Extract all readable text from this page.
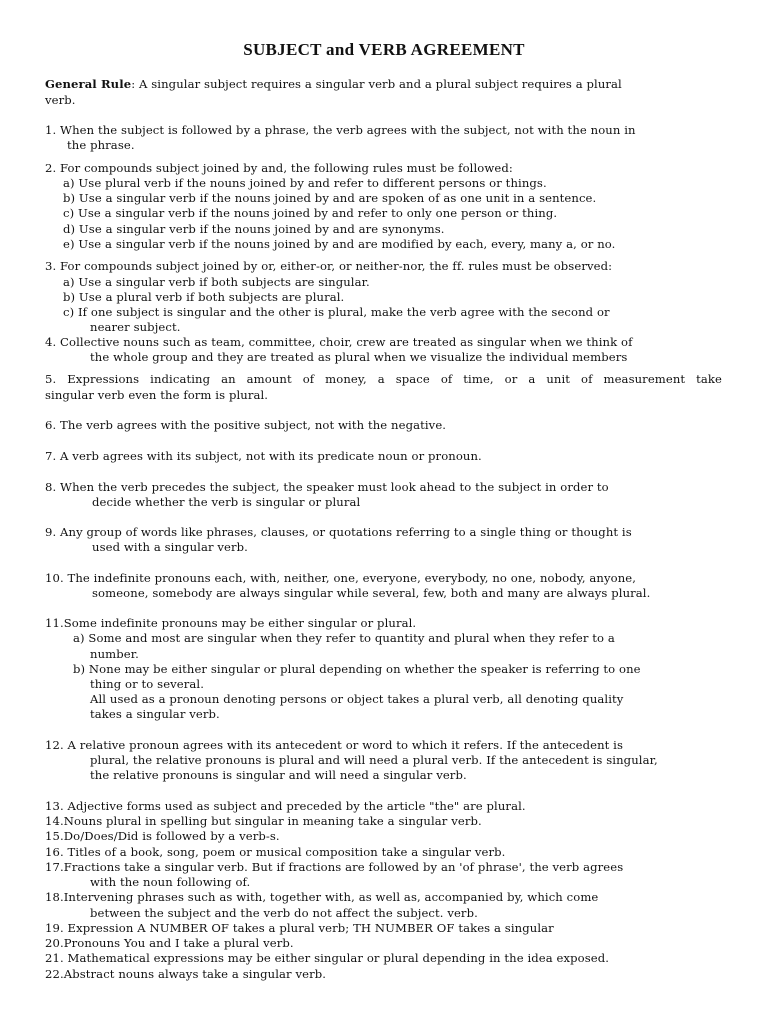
SUBJECT and VERB AGREEMENT
General Rule: A singular subject requires a singular verb and a plural subject requires a plural
verb.
1. When the subject is followed by a phrase, the verb agrees with the subject, not with the noun in
the phrase.
2. For compounds subject joined by and, the following rules must be followed:
a) Use plural verb if the nouns joined by and refer to different persons or things.
b) Use a singular verb if the nouns joined by and are spoken of as one unit in a sentence.
c) Use a singular verb if the nouns joined by and refer to only one person or thing.
d) Use a singular verb if the nouns joined by and are synonyms.
e) Use a singular verb if the nouns joined by and are modified by each, every, many a, or no.
3. For compounds subject joined by or, either-or, or neither-nor, the ff. rules must be observed:
a) Use a singular verb if both subjects are singular.
b) Use a plural verb if both subjects are plural.
c) If one subject is singular and the other is plural, make the verb agree with the second or
nearer subject.
4. Collective nouns such as team, committee, choir, crew are treated as singular when we think of
the whole group and they are treated as plural when we visualize the individual members
5. Expressions indicating an amount of money, a space of time, or a unit of measurement take
singular verb even the form is plural.
6. The verb agrees with the positive subject, not with the negative.
7. A verb agrees with its subject, not with its predicate noun or pronoun.
8. When the verb precedes the subject, the speaker must look ahead to the subject in order to
decide whether the verb is singular or plural
9. Any group of words like phrases, clauses, or quotations referring to a single thing or thought is
used with a singular verb.
10. The indefinite pronouns each, with, neither, one, everyone, everybody, no one, nobody, anyone,
someone, somebody are always singular while several, few, both and many are always plural.
11.Some indefinite pronouns may be either singular or plural.
a) Some and most are singular when they refer to quantity and plural when they refer to a
number.
b) None may be either singular or plural depending on whether the speaker is referring to one
thing or to several.
All used as a pronoun denoting persons or object takes a plural verb, all denoting quality
takes a singular verb.
12. A relative pronoun agrees with its antecedent or word to which it refers. If the antecedent is
plural, the relative pronouns is plural and will need a plural verb. If the antecedent is singular,
the relative pronouns is singular and will need a singular verb.
13. Adjective forms used as subject and preceded by the article "the" are plural.
14.Nouns plural in spelling but singular in meaning take a singular verb.
15.Do/Does/Did is followed by a verb-s.
16. Titles of a book, song, poem or musical composition take a singular verb.
17.Fractions take a singular verb. But if fractions are followed by an 'of phrase', the verb agrees
with the noun following of.
18.Intervening phrases such as with, together with, as well as, accompanied by, which come
between the subject and the verb do not affect the subject. verb.
19. Expression A NUMBER OF takes a plural verb; TH NUMBER OF takes a singular
20.Pronouns You and I take a plural verb.
21. Mathematical expressions may be either singular or plural depending in the idea exposed.
22.Abstract nouns always take a singular verb.
